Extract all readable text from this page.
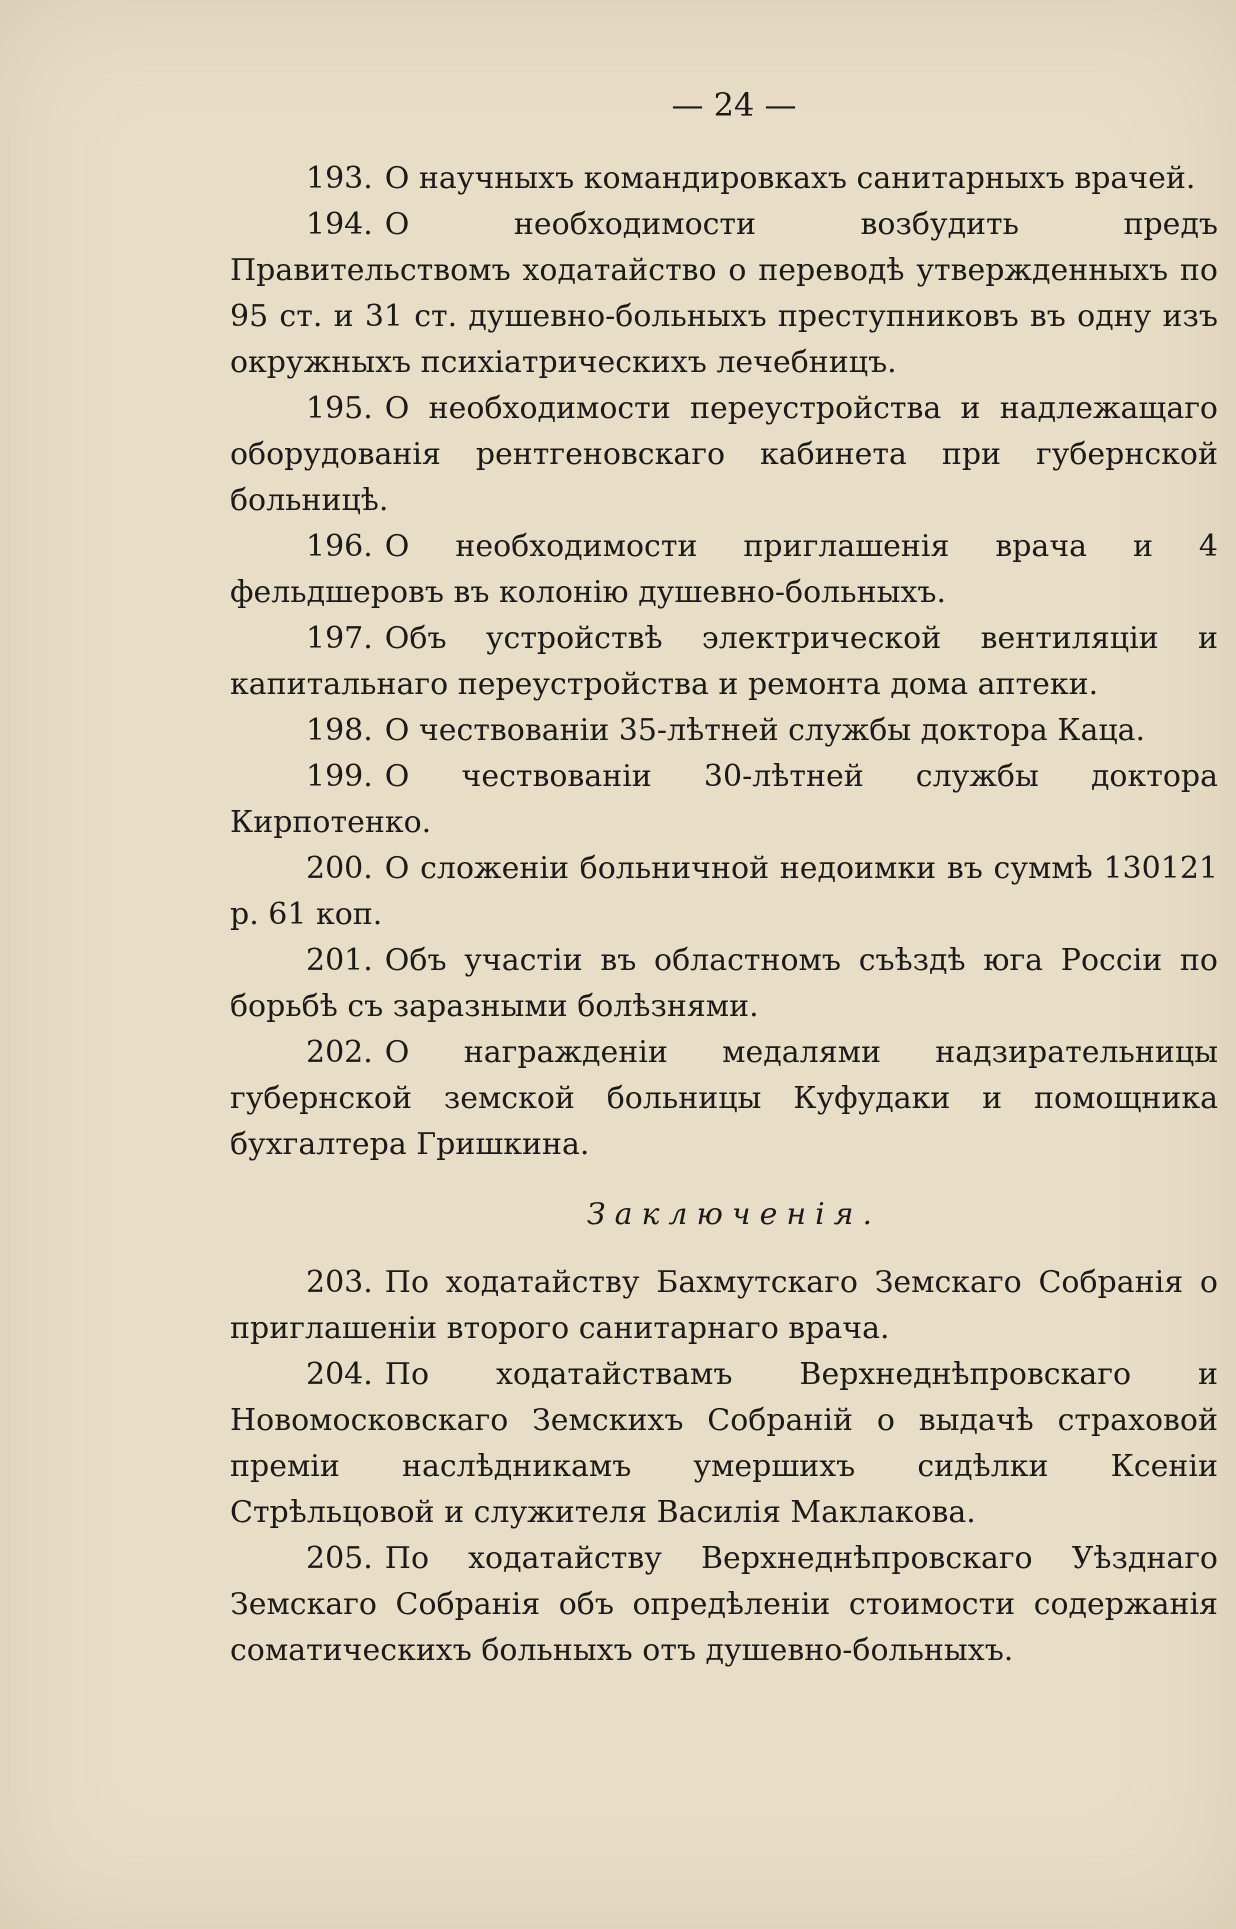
— 24 —

193. О научныхъ командировкахъ санитарныхъ врачей.

194. О необходимости возбудить предъ Правительствомъ ходатайство о переводѣ утвержденныхъ по 95 ст. и 31 ст. душевно-больныхъ преступниковъ въ одну изъ окружныхъ психіатрическихъ лечебницъ.

195. О необходимости переустройства и надлежащаго оборудованія рентгеновскаго кабинета при губернской больницѣ.

196. О необходимости приглашенія врача и 4 фельдшеровъ въ колонію душевно-больныхъ.

197. Объ устройствѣ электрической вентиляціи и капитальнаго переустройства и ремонта дома аптеки.

198. О чествованіи 35-лѣтней службы доктора Каца.

199. О чествованіи 30-лѣтней службы доктора Кирпотенко.

200. О сложеніи больничной недоимки въ суммѣ 130121 р. 61 коп.

201. Объ участіи въ областномъ съѣздѣ юга Россіи по борьбѣ съ заразными болѣзнями.

202. О награжденіи медалями надзирательницы губернской земской больницы Куфудаки и помощника бухгалтера Гришкина.

Заключенія.

203. По ходатайству Бахмутскаго Земскаго Собранія о приглашеніи второго санитарнаго врача.

204. По ходатайствамъ Верхнеднѣпровскаго и Новомосковскаго Земскихъ Собраній о выдачѣ страховой преміи наслѣдникамъ умершихъ сидѣлки Ксеніи Стрѣльцовой и служителя Василія Маклакова.

205. По ходатайству Верхнеднѣпровскаго Уѣзднаго Земскаго Собранія объ опредѣленіи стоимости содержанія соматическихъ больныхъ отъ душевно-больныхъ.
